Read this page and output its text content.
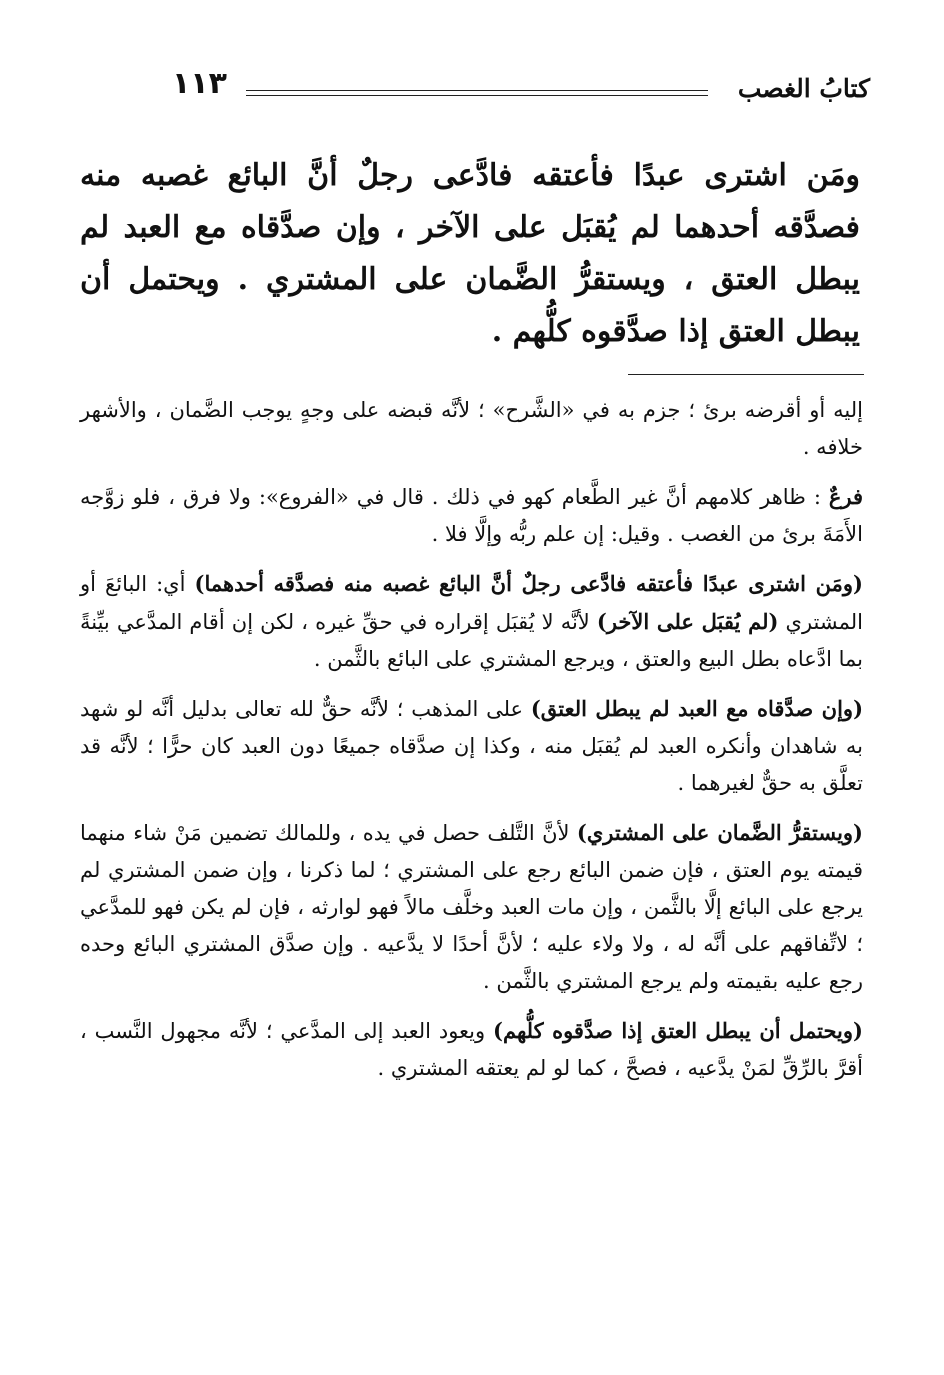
١١٣	كتابُ الغصب
ومَن اشترى عبدًا فأعتقه فادَّعى رجلٌ أنَّ البائع غصبه منه فصدَّقه أحدهما لم يُقبَل على الآخر ، وإن صدَّقاه مع العبد لم يبطل العتق ، ويستقرُّ الضَّمان على المشتري . ويحتمل أن يبطل العتق إذا صدَّقوه كلُّهم .

إليه أو أقرضه برئ ؛ جزم به في «الشَّرح» ؛ لأنَّه قبضه على وجهٍ يوجب الضَّمان ، والأشهر خلافه .

فرعٌ : ظاهر كلامهم أنَّ غير الطَّعام كهو في ذلك . قال في «الفروع»: ولا فرق ، فلو زوَّجه الأَمَةَ برئ من الغصب . وقيل: إن علم ربُّه وإلَّا فلا .

(ومَن اشترى عبدًا فأعتقه فادَّعى رجلٌ أنَّ البائع غصبه منه فصدَّقه أحدهما) أي: البائعَ أو المشتري (لم يُقبَل على الآخر) لأنَّه لا يُقبَل إقراره في حقِّ غيره ، لكن إن أقام المدَّعي بيِّنةً بما ادَّعاه بطل البيع والعتق ، ويرجع المشتري على البائع بالثَّمن .

(وإن صدَّقاه مع العبد لم يبطل العتق) على المذهب ؛ لأنَّه حقٌّ لله تعالى بدليل أنَّه لو شهد به شاهدان وأنكره العبد لم يُقبَل منه ، وكذا إن صدَّقاه جميعًا دون العبد كان حرًّا ؛ لأنَّه قد تعلَّق به حقٌّ لغيرهما .

(ويستقرُّ الضَّمان على المشتري) لأنَّ التَّلف حصل في يده ، وللمالك تضمين مَنْ شاء منهما قيمته يوم العتق ، فإن ضمن البائع رجع على المشتري ؛ لما ذكرنا ، وإن ضمن المشتري لم يرجع على البائع إلَّا بالثَّمن ، وإن مات العبد وخلَّف مالاً فهو لوارثه ، فإن لم يكن فهو للمدَّعي ؛ لاتِّفاقهم على أنَّه له ، ولا ولاء عليه ؛ لأنَّ أحدًا لا يدَّعيه . وإن صدَّق المشتري البائع وحده رجع عليه بقيمته ولم يرجع المشتري بالثَّمن .

(ويحتمل أن يبطل العتق إذا صدَّقوه كلُّهم) ويعود العبد إلى المدَّعي ؛ لأنَّه مجهول النَّسب ، أقرَّ بالرِّقِّ لمَنْ يدَّعيه ، فصحَّ ، كما لو لم يعتقه المشتري .
